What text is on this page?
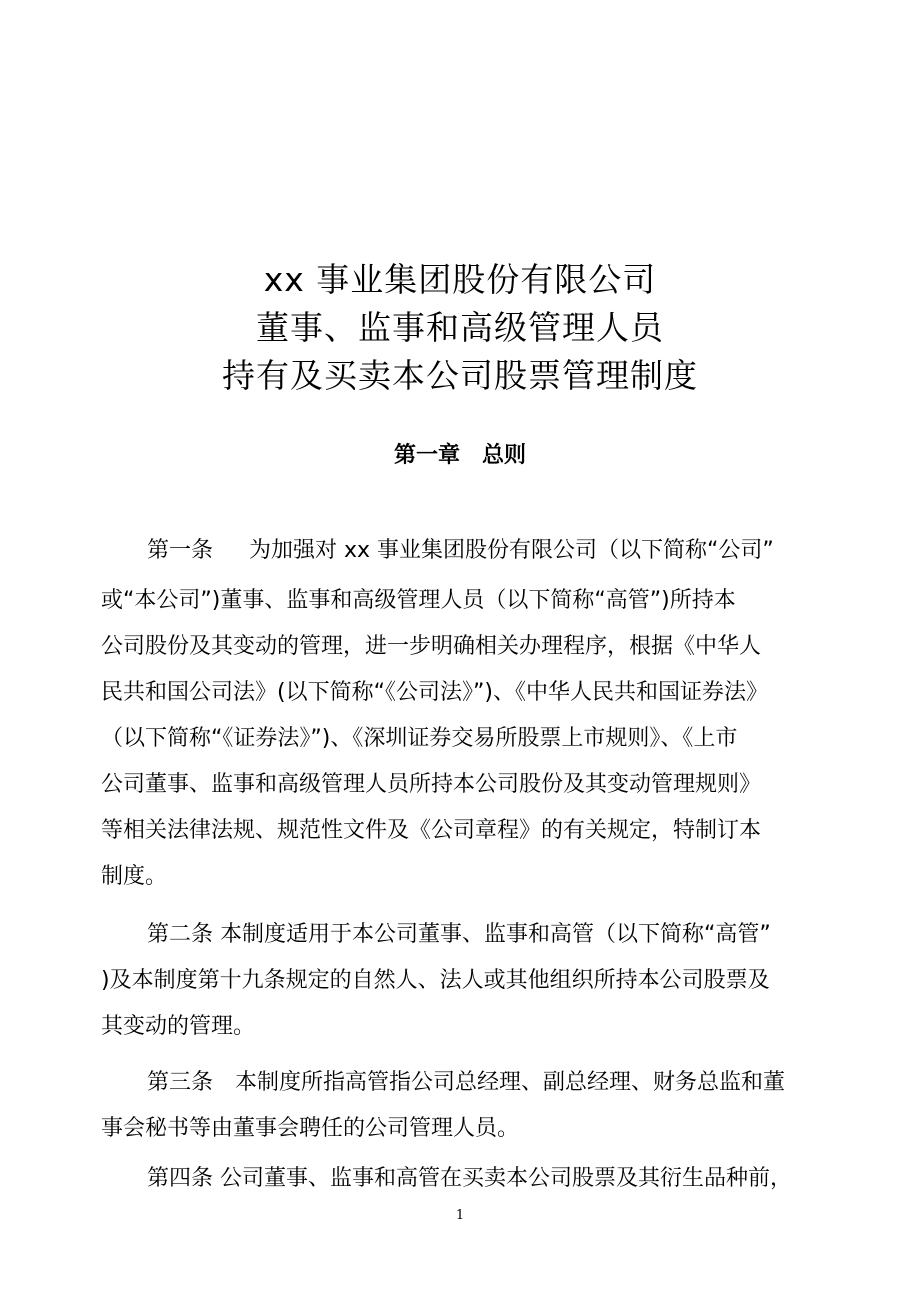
xx 事业集团股份有限公司
董事、监事和高级管理人员
持有及买卖本公司股票管理制度
第一章　总则
第一条　  为加强对 xx 事业集团股份有限公司（以下简称“公司”
或“本公司”)董事、监事和高级管理人员（以下简称“高管”)所持本
公司股份及其变动的管理，进一步明确相关办理程序，根据《中华人
民共和国公司法》(以下简称“《公司法》”)、《中华人民共和国证券法》
（以下简称“《证券法》”)、《深圳证券交易所股票上市规则》、《上市
公司董事、监事和高级管理人员所持本公司股份及其变动管理规则》
等相关法律法规、规范性文件及《公司章程》的有关规定，特制订本
制度。
第二条 本制度适用于本公司董事、监事和高管（以下简称“高管”
)及本制度第十九条规定的自然人、法人或其他组织所持本公司股票及
其变动的管理。
第三条　本制度所指高管指公司总经理、副总经理、财务总监和董
事会秘书等由董事会聘任的公司管理人员。
第四条 公司董事、监事和高管在买卖本公司股票及其衍生品种前，
1
